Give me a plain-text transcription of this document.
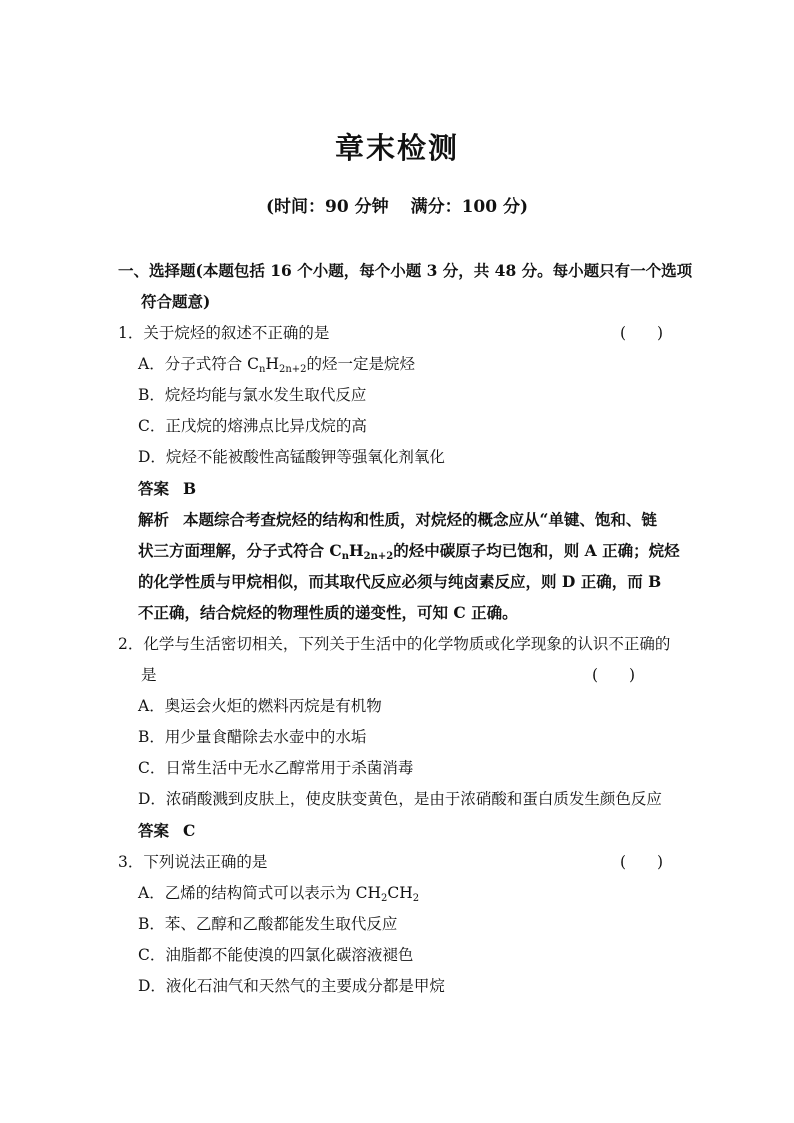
章末检测
(时间：90 分钟 满分：100 分)
一、选择题(本题包括 16 个小题，每个小题 3 分，共 48 分。每小题只有一个选项
符合题意)
1．关于烷烃的叙述不正确的是	(　　)
A．分子式符合 $C_nH_{2n+2}$的烃一定是烷烃
B．烷烃均能与氯水发生取代反应
C．正戊烷的熔沸点比异戊烷的高
D．烷烃不能被酸性高锰酸钾等强氧化剂氧化
答案 B
解析 本题综合考查烷烃的结构和性质，对烷烃的概念应从“单键、饱和、链
状三方面理解，分子式符合 $C_nH_{2n+2}$的烃中碳原子均已饱和，则 A 正确；烷烃
的化学性质与甲烷相似，而其取代反应必须与纯卤素反应，则 D 正确，而 B
不正确，结合烷烃的物理性质的递变性，可知 C 正确。
2．化学与生活密切相关，下列关于生活中的化学物质或化学现象的认识不正确的
是	(　　)
A．奥运会火炬的燃料丙烷是有机物
B．用少量食醋除去水壶中的水垢
C．日常生活中无水乙醇常用于杀菌消毒
D．浓硝酸溅到皮肤上，使皮肤变黄色，是由于浓硝酸和蛋白质发生颜色反应
答案 C
3．下列说法正确的是	(　　)
A．乙烯的结构简式可以表示为 $CH_2CH_2$
B．苯、乙醇和乙酸都能发生取代反应
C．油脂都不能使溴的四氯化碳溶液褪色
D．液化石油气和天然气的主要成分都是甲烷
